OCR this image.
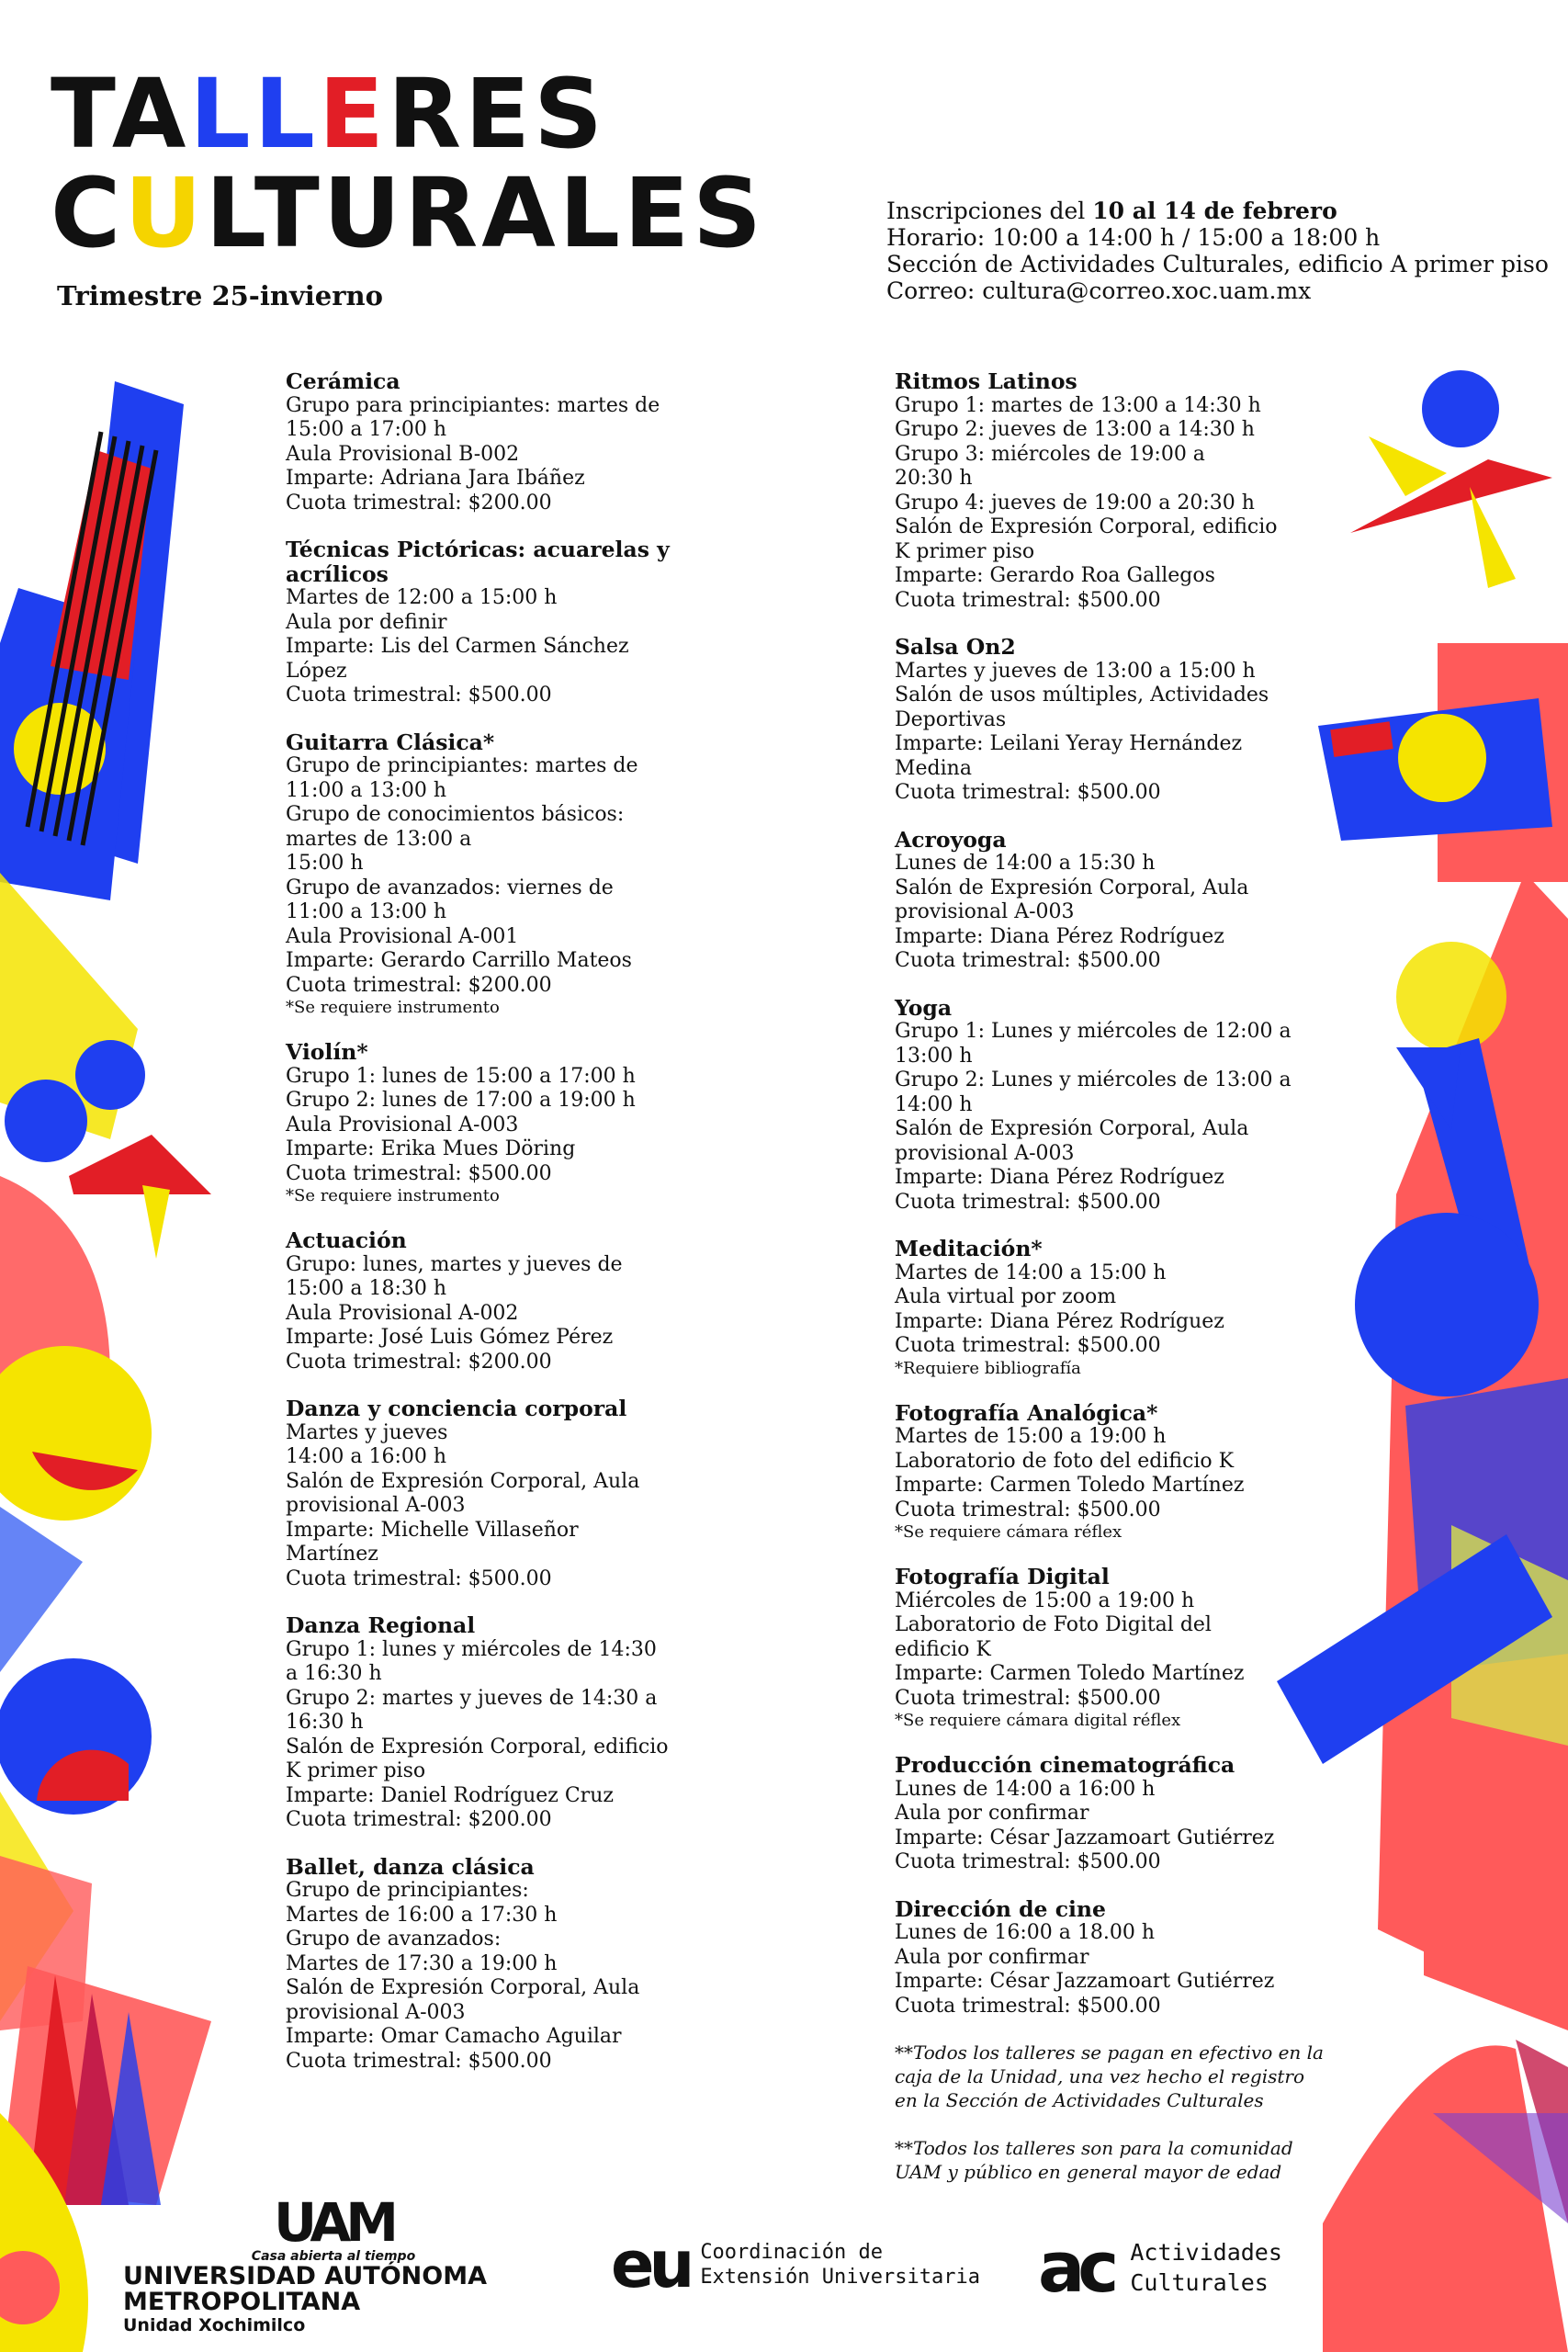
TALLERES
CULTURALES
Trimestre 25-invierno
Inscripciones del 10 al 14 de febrero
Horario: 10:00 a 14:00 h / 15:00 a 18:00 h
Sección de Actividades Culturales, edificio A primer piso
Correo: cultura@correo.xoc.uam.mx
Cerámica
Grupo para principiantes: martes de
15:00 a 17:00 h
Aula Provisional B-002
Imparte: Adriana Jara Ibáñez
Cuota trimestral: $200.00
Técnicas Pictóricas: acuarelas y acrílicos
Martes de 12:00 a 15:00 h
Aula por definir
Imparte: Lis del Carmen Sánchez
López
Cuota trimestral: $500.00
Guitarra Clásica*
Grupo de principiantes: martes de
11:00 a 13:00 h
Grupo de conocimientos básicos:
martes de 13:00 a
15:00 h
Grupo de avanzados: viernes de
11:00 a 13:00 h
Aula Provisional A-001
Imparte: Gerardo Carrillo Mateos
Cuota trimestral: $200.00
*Se requiere instrumento
Violín*
Grupo 1: lunes de 15:00 a 17:00 h
Grupo 2: lunes de 17:00 a 19:00 h
Aula Provisional A-003
Imparte: Erika Mues Döring
Cuota trimestral: $500.00
*Se requiere instrumento
Actuación
Grupo: lunes, martes y jueves de
15:00 a 18:30 h
Aula Provisional A-002
Imparte: José Luis Gómez Pérez
Cuota trimestral: $200.00
Danza y conciencia corporal
Martes y jueves
14:00 a 16:00 h
Salón de Expresión Corporal, Aula
provisional A-003
Imparte: Michelle Villaseñor
Martínez
Cuota trimestral: $500.00
Danza Regional
Grupo 1: lunes y miércoles de 14:30
a 16:30 h
Grupo 2: martes y jueves de 14:30 a
16:30 h
Salón de Expresión Corporal, edificio
K primer piso
Imparte: Daniel Rodríguez Cruz
Cuota trimestral: $200.00
Ballet, danza clásica
Grupo de principiantes:
Martes de 16:00 a 17:30 h
Grupo de avanzados:
Martes de 17:30 a 19:00 h
Salón de Expresión Corporal, Aula
provisional A-003
Imparte: Omar Camacho Aguilar
Cuota trimestral: $500.00
Ritmos Latinos
Grupo 1: martes de 13:00 a 14:30 h
Grupo 2: jueves de 13:00 a 14:30 h
Grupo 3: miércoles de 19:00 a
20:30 h
Grupo 4: jueves de 19:00 a 20:30 h
Salón de Expresión Corporal, edificio
K primer piso
Imparte: Gerardo Roa Gallegos
Cuota trimestral: $500.00
Salsa On2
Martes y jueves de 13:00 a 15:00 h
Salón de usos múltiples, Actividades
Deportivas
Imparte: Leilani Yeray Hernández
Medina
Cuota trimestral: $500.00
Acroyoga
Lunes de 14:00 a 15:30 h
Salón de Expresión Corporal, Aula
provisional A-003
Imparte: Diana Pérez Rodríguez
Cuota trimestral: $500.00
Yoga
Grupo 1: Lunes y miércoles de 12:00 a 13:00 h
Grupo 2: Lunes y miércoles de 13:00 a 14:00 h
Salón de Expresión Corporal, Aula
provisional A-003
Imparte: Diana Pérez Rodríguez
Cuota trimestral: $500.00
Meditación*
Martes de 14:00 a 15:00 h
Aula virtual por zoom
Imparte: Diana Pérez Rodríguez
Cuota trimestral: $500.00
*Requiere bibliografía
Fotografía Analógica*
Martes de 15:00 a 19:00 h
Laboratorio de foto del edificio K
Imparte: Carmen Toledo Martínez
Cuota trimestral: $500.00
*Se requiere cámara réflex
Fotografía Digital
Miércoles de 15:00 a 19:00 h
Laboratorio de Foto Digital del
edificio K
Imparte: Carmen Toledo Martínez
Cuota trimestral: $500.00
*Se requiere cámara digital réflex
Producción cinematográfica
Lunes de 14:00 a 16:00 h
Aula por confirmar
Imparte: César Jazzamoart Gutiérrez
Cuota trimestral: $500.00
Dirección de cine
Lunes de 16:00 a 18.00 h
Aula por confirmar
Imparte: César Jazzamoart Gutiérrez
Cuota trimestral: $500.00

**Todos los talleres se pagan en efectivo en la caja de la Unidad, una vez hecho el registro en la Sección de Actividades Culturales

**Todos los talleres son para la comunidad UAM y público en general mayor de edad

UAM
Casa abierta al tiempo
UNIVERSIDAD AUTÓNOMA METROPOLITANA
Unidad Xochimilco
eu Coordinación de
Extensión Universitaria ac Actividades
Culturales
